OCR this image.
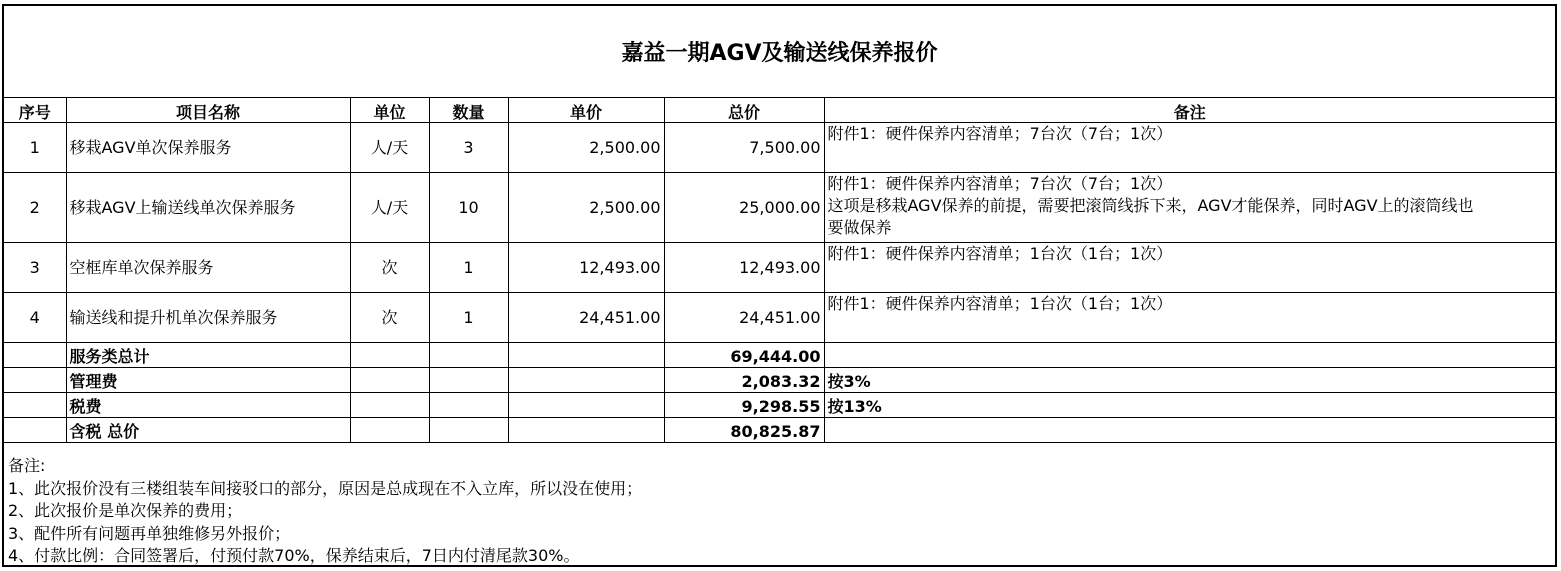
嘉益一期AGV及输送线保养报价
序号	项目名称	单位	数量	单价	总价	备注
1	移栽AGV单次保养服务	人/天	3	2,500.00	7,500.00	附件1：硬件保养内容清单；7台次（7台；1次）

2	移栽AGV上输送线单次保养服务	人/天	10	2,500.00	25,000.00	附件1：硬件保养内容清单；7台次（7台；1次）
这项是移栽AGV保养的前提，需要把滚筒线拆下来，AGV才能保养，同时AGV上的滚筒线也
要做保养

3	空框库单次保养服务	次	1	12,493.00	12,493.00	附件1：硬件保养内容清单；1台次（1台；1次）

4	输送线和提升机单次保养服务	次	1	24,451.00	24,451.00	附件1：硬件保养内容清单；1台次（1台；1次）

	服务类总计				69,444.00	
	管理费				2,083.32	按3%
	税费				9,298.55	按13%
	含税 总价				80,825.87	
备注:
1、此次报价没有三楼组装车间接驳口的部分，原因是总成现在不入立库，所以没在使用；
2、此次报价是单次保养的费用；
3、配件所有问题再单独维修另外报价；
4、付款比例：合同签署后，付预付款70%，保养结束后，7日内付清尾款30%。
